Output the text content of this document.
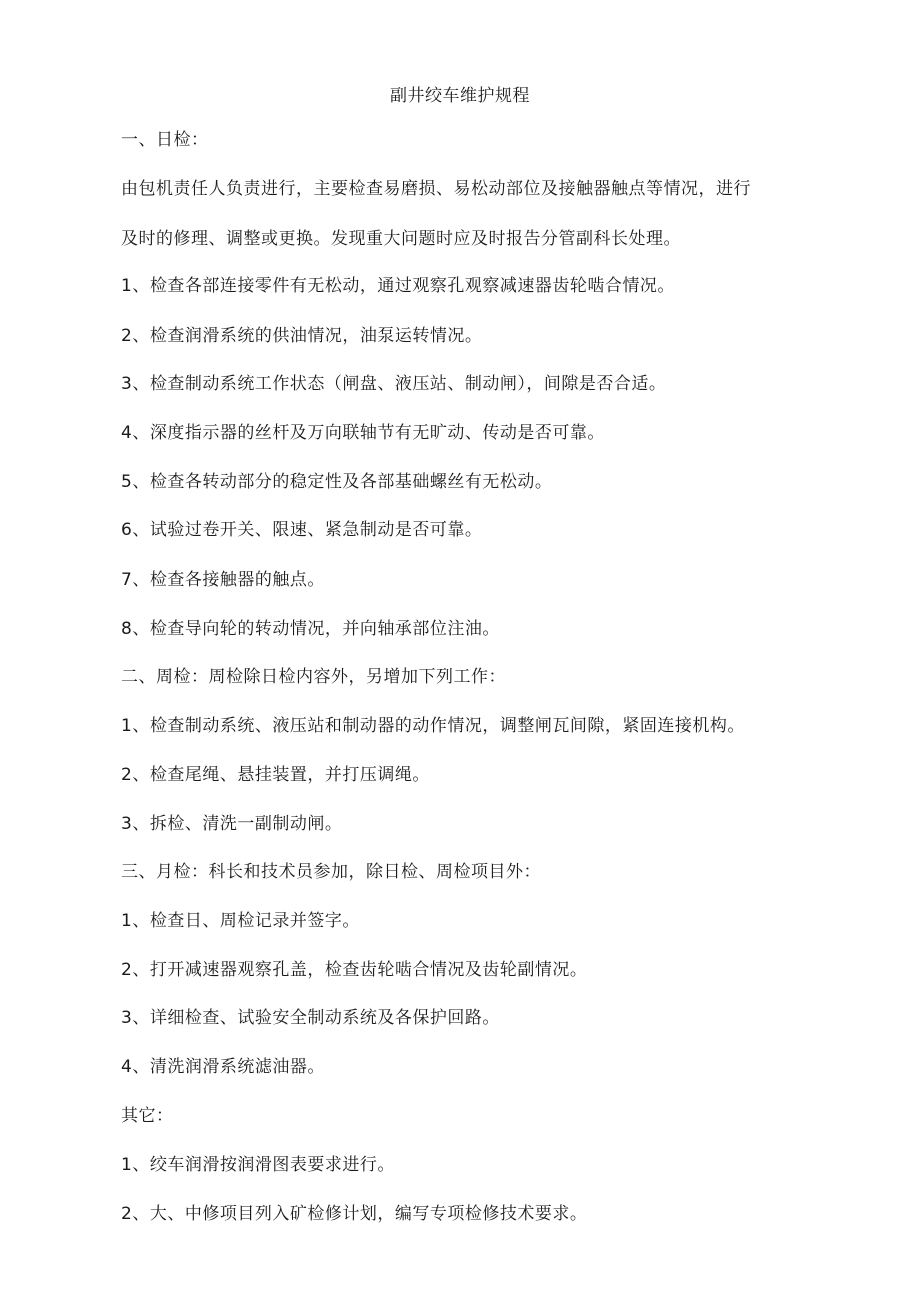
副井绞车维护规程
一、日检：
由包机责任人负责进行，主要检查易磨损、易松动部位及接触器触点等情况，进行
及时的修理、调整或更换。发现重大问题时应及时报告分管副科长处理。
1、检查各部连接零件有无松动，通过观察孔观察减速器齿轮啮合情况。
2、检查润滑系统的供油情况，油泵运转情况。
3、检查制动系统工作状态（闸盘、液压站、制动闸），间隙是否合适。
4、深度指示器的丝杆及万向联轴节有无旷动、传动是否可靠。
5、检查各转动部分的稳定性及各部基础螺丝有无松动。
6、试验过卷开关、限速、紧急制动是否可靠。
7、检查各接触器的触点。
8、检查导向轮的转动情况，并向轴承部位注油。
二、周检：周检除日检内容外，另增加下列工作：
1、检查制动系统、液压站和制动器的动作情况，调整闸瓦间隙，紧固连接机构。
2、检查尾绳、悬挂装置，并打压调绳。
3、拆检、清洗一副制动闸。
三、月检：科长和技术员参加，除日检、周检项目外：
1、检查日、周检记录并签字。
2、打开减速器观察孔盖，检查齿轮啮合情况及齿轮副情况。
3、详细检查、试验安全制动系统及各保护回路。
4、清洗润滑系统滤油器。
其它：
1、绞车润滑按润滑图表要求进行。
2、大、中修项目列入矿检修计划，编写专项检修技术要求。
